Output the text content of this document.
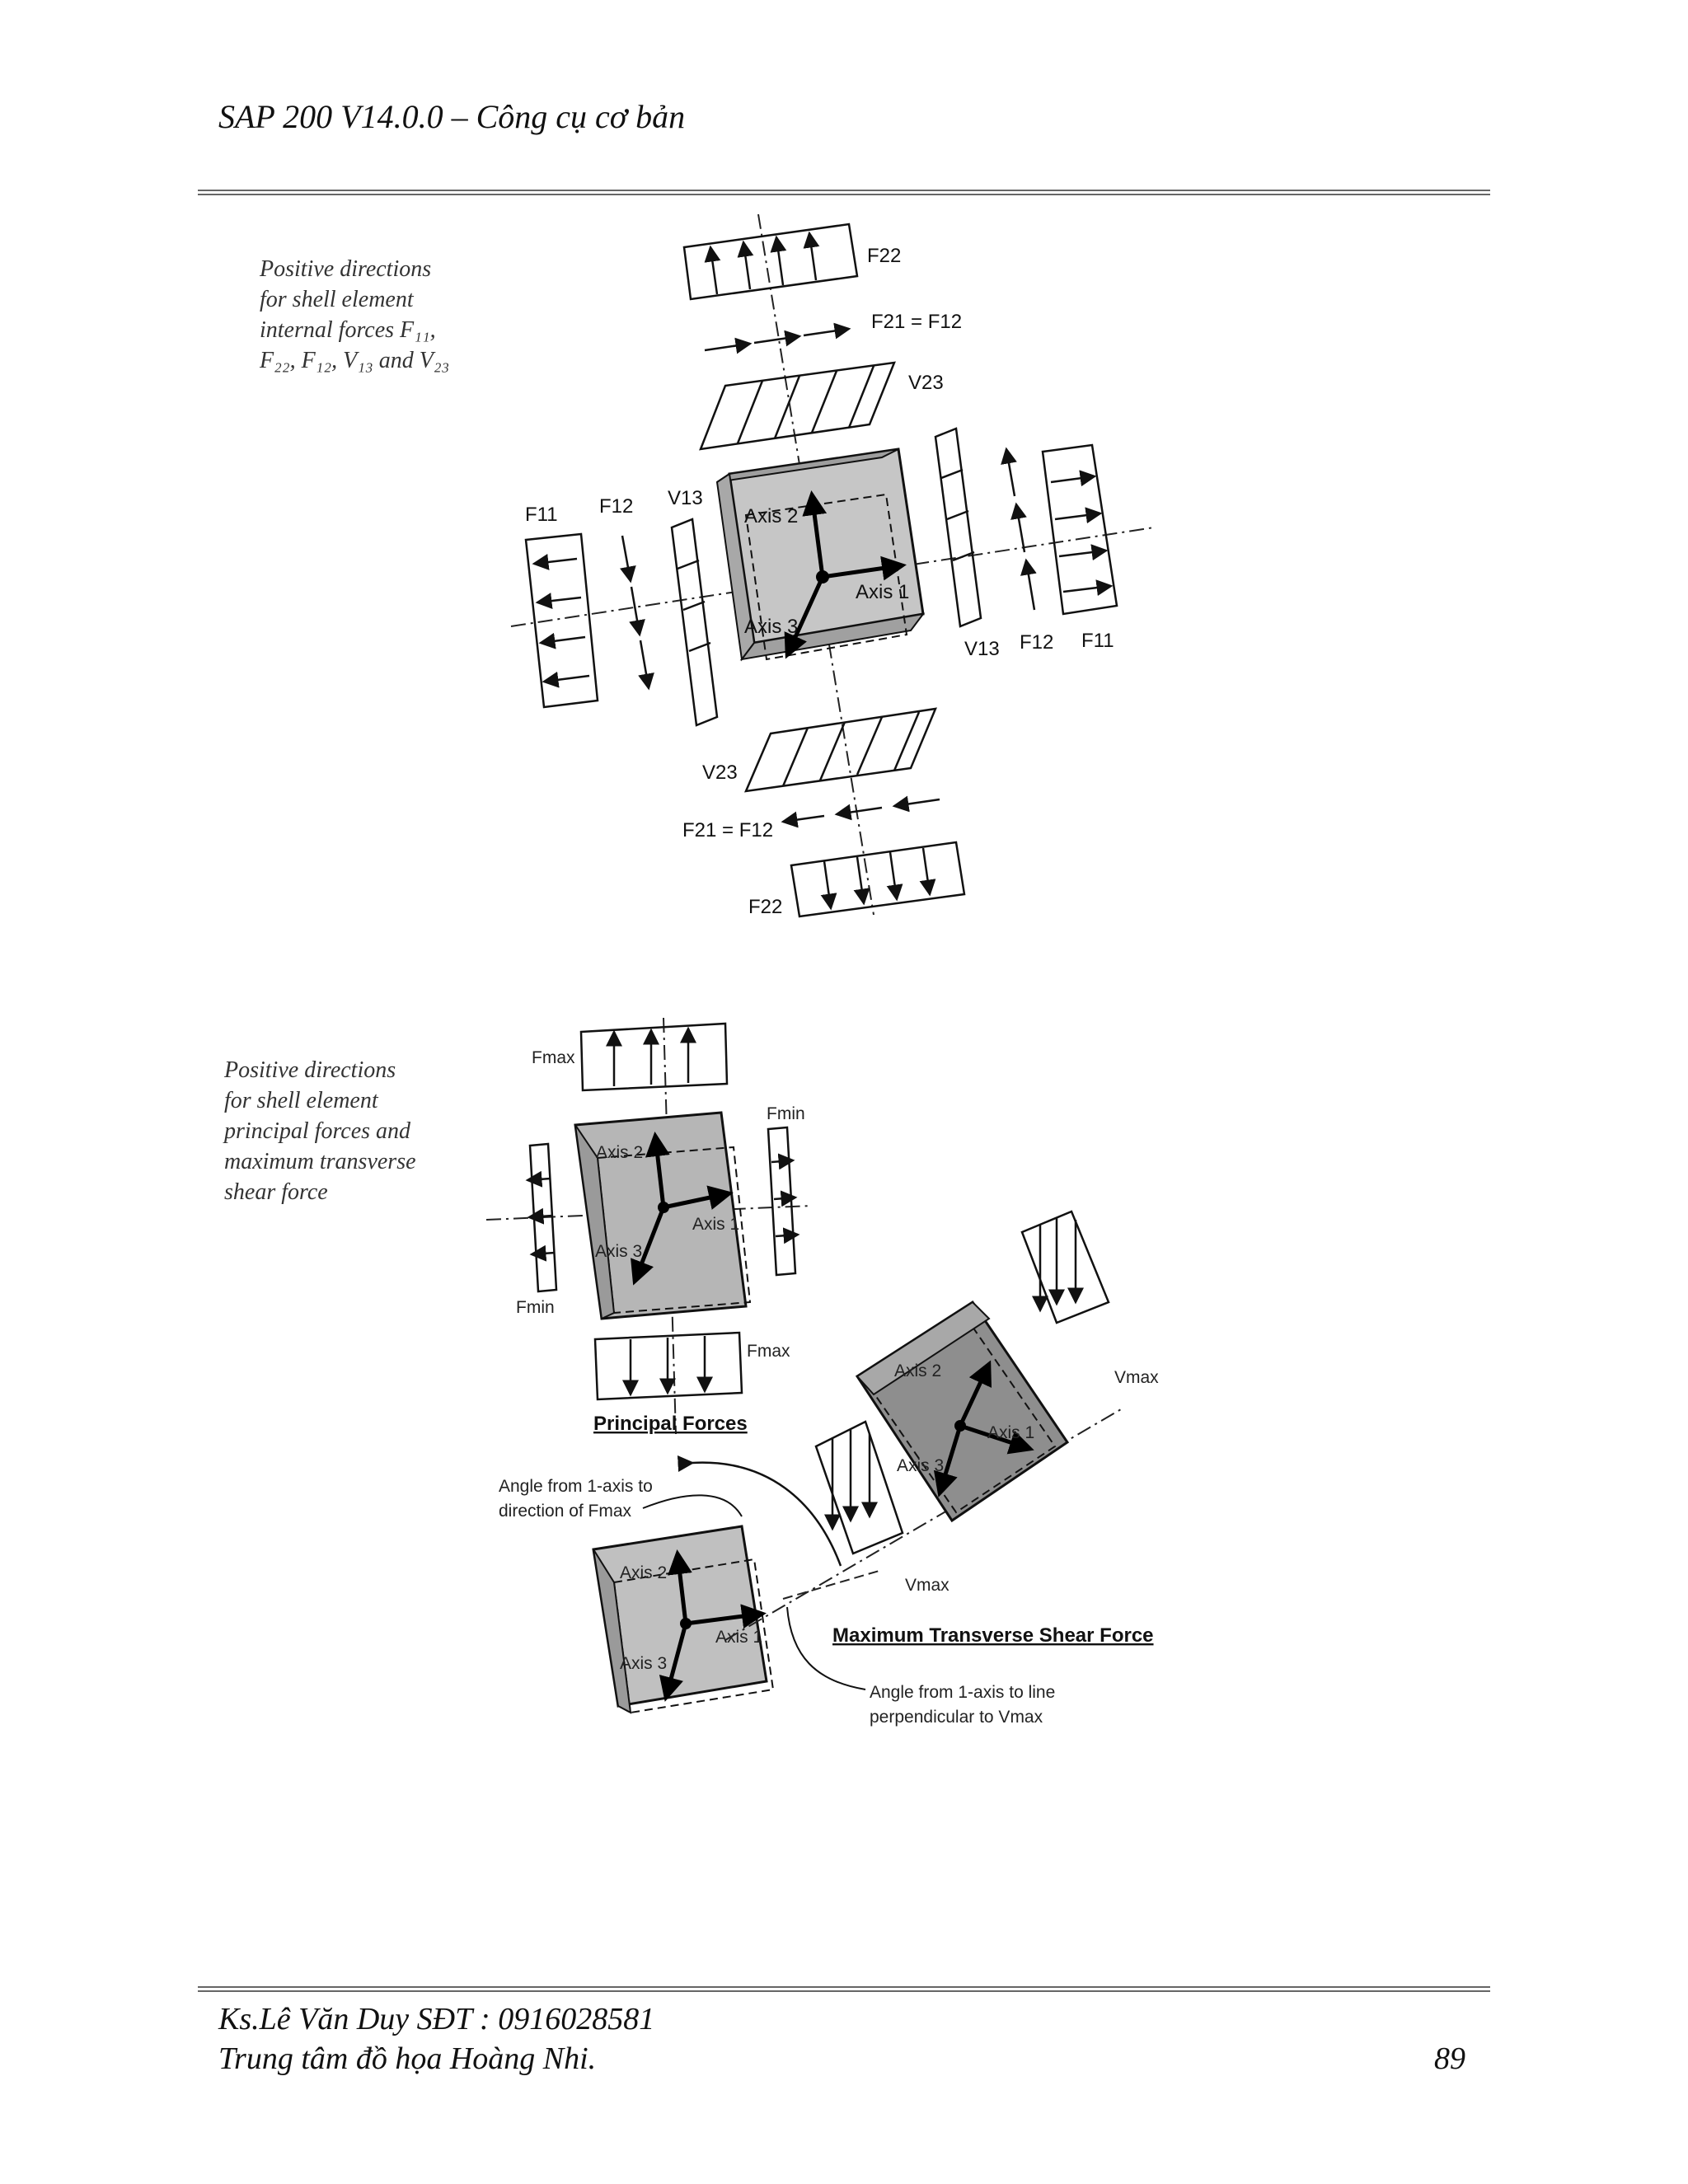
SAP 200 V14.0.0 – Công cụ cơ bản
Positive directions
for shell element
internal forces F₁₁,
F₂₂, F₁₂, V₁₃ and V₂₃
Axis 2
Axis 1
Axis 3
F22
F21 = F12
V23
F11 F12 V13
V13 F12 F11
V23
F21 = F12
F22
Positive directions
for shell element
principal forces and
maximum transverse
shear force
Fmax
Axis 2
Axis 1
Axis 3
Fmin
Fmin
Fmax
Principal Forces
Angle from 1-axis to
direction of Fmax
Axis 2
Axis 1
Axis 3
Axis 2
Axis 1
Axis 3
Vmax
Vmax
Maximum Transverse Shear Force
Angle from 1-axis to line
perpendicular to Vmax
Ks.Lê Văn Duy SĐT : 0916028581
Trung tâm đồ họa Hoàng Nhi.	89
